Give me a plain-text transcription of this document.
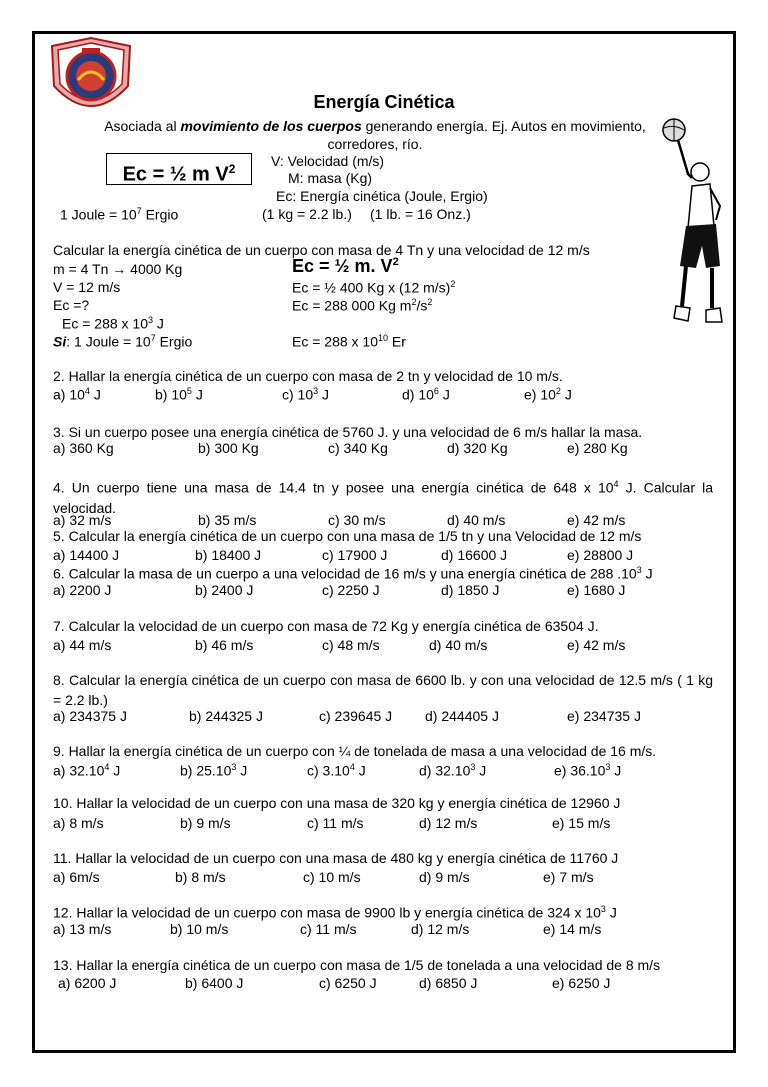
Energía Cinética
Asociada al movimiento de los cuerpos generando energía. Ej. Autos en movimiento, corredores, río.
Ec = ½ m $V^2$	V: Velocidad (m/s)
M: masa (Kg)
Ec: Energía cinética (Joule, Ergio)
1 Joule = $10^7$ Ergio	(1 kg = 2.2 lb.) (1 lb. = 16 Onz.)
Calcular la energía cinética de un cuerpo con masa de 4 Tn y una velocidad de 12 m/s
m = 4 Tn → 4000 Kg	Ec = ½ m. $V^2$
V = 12 m/s	Ec = ½ 400 Kg x (12 m/s)$^2$
Ec =?	Ec = 288 000 Kg $m^2/s^2$
Ec = 288 x $10^3$ J
Si: 1 Joule = $10^7$ Ergio	Ec = 288 x $10^{10}$ Er
2. Hallar la energía cinética de un cuerpo con masa de 2 tn y velocidad de 10 m/s.
a) $10^4$ J	b) $10^5$ J	c) $10^3$ J	d) $10^6$ J	e) $10^2$ J
3. Si un cuerpo posee una energía cinética de 5760 J. y una velocidad de 6 m/s hallar la masa.
a) 360 Kg	b) 300 Kg	c) 340 Kg	d) 320 Kg	e) 280 Kg
4. Un cuerpo tiene una masa de 14.4 tn y posee una energía cinética de 648 x $10^4$ J. Calcular la velocidad.
a) 32 m/s	b) 35 m/s	c) 30 m/s	d) 40 m/s	e) 42 m/s
5. Calcular la energía cinética de un cuerpo con una masa de 1/5 tn y una Velocidad de 12 m/s
a) 14400 J	b) 18400 J	c) 17900 J	d) 16600 J	e) 28800 J
6. Calcular la masa de un cuerpo a una velocidad de 16 m/s y una energía cinética de 288 $.10^3$ J
a) 2200 J	b) 2400 J	c) 2250 J	d) 1850 J	e) 1680 J
7. Calcular la velocidad de un cuerpo con masa de 72 Kg y energía cinética de 63504 J.
a) 44 m/s	b) 46 m/s	c) 48 m/s	d) 40 m/s	e) 42 m/s
8. Calcular la energía cinética de un cuerpo con masa de 6600 lb. y con una velocidad de 12.5 m/s ( 1 kg = 2.2 lb.)
a) 234375 J	b) 244325 J	c) 239645 J d) 244405 J	e) 234735 J
9. Hallar la energía cinética de un cuerpo con ¼ de tonelada de masa a una velocidad de 16 m/s.
a) 32.10$^4$ J	b) 25.10$^3$ J	c) 3.10$^4$ J	d) 32.10$^3$ J	e) 36.10$^3$ J
10. Hallar la velocidad de un cuerpo con una masa de 320 kg y energía cinética de 12960 J
a) 8 m/s	b) 9 m/s	c) 11 m/s	d) 12 m/s	e) 15 m/s
11. Hallar la velocidad de un cuerpo con una masa de 480 kg y energía cinética de 11760 J
a) 6m/s	b) 8 m/s	c) 10 m/s	d) 9 m/s	e) 7 m/s
12. Hallar la velocidad de un cuerpo con masa de 9900 lb y energía cinética de 324 x $10^3$ J
a) 13 m/s	b) 10 m/s	c) 11 m/s	d) 12 m/s	e) 14 m/s
13. Hallar la energía cinética de un cuerpo con masa de 1/5 de tonelada a una velocidad de 8 m/s
a) 6200 J	b) 6400 J	c) 6250 J	d) 6850 J	e) 6250 J
